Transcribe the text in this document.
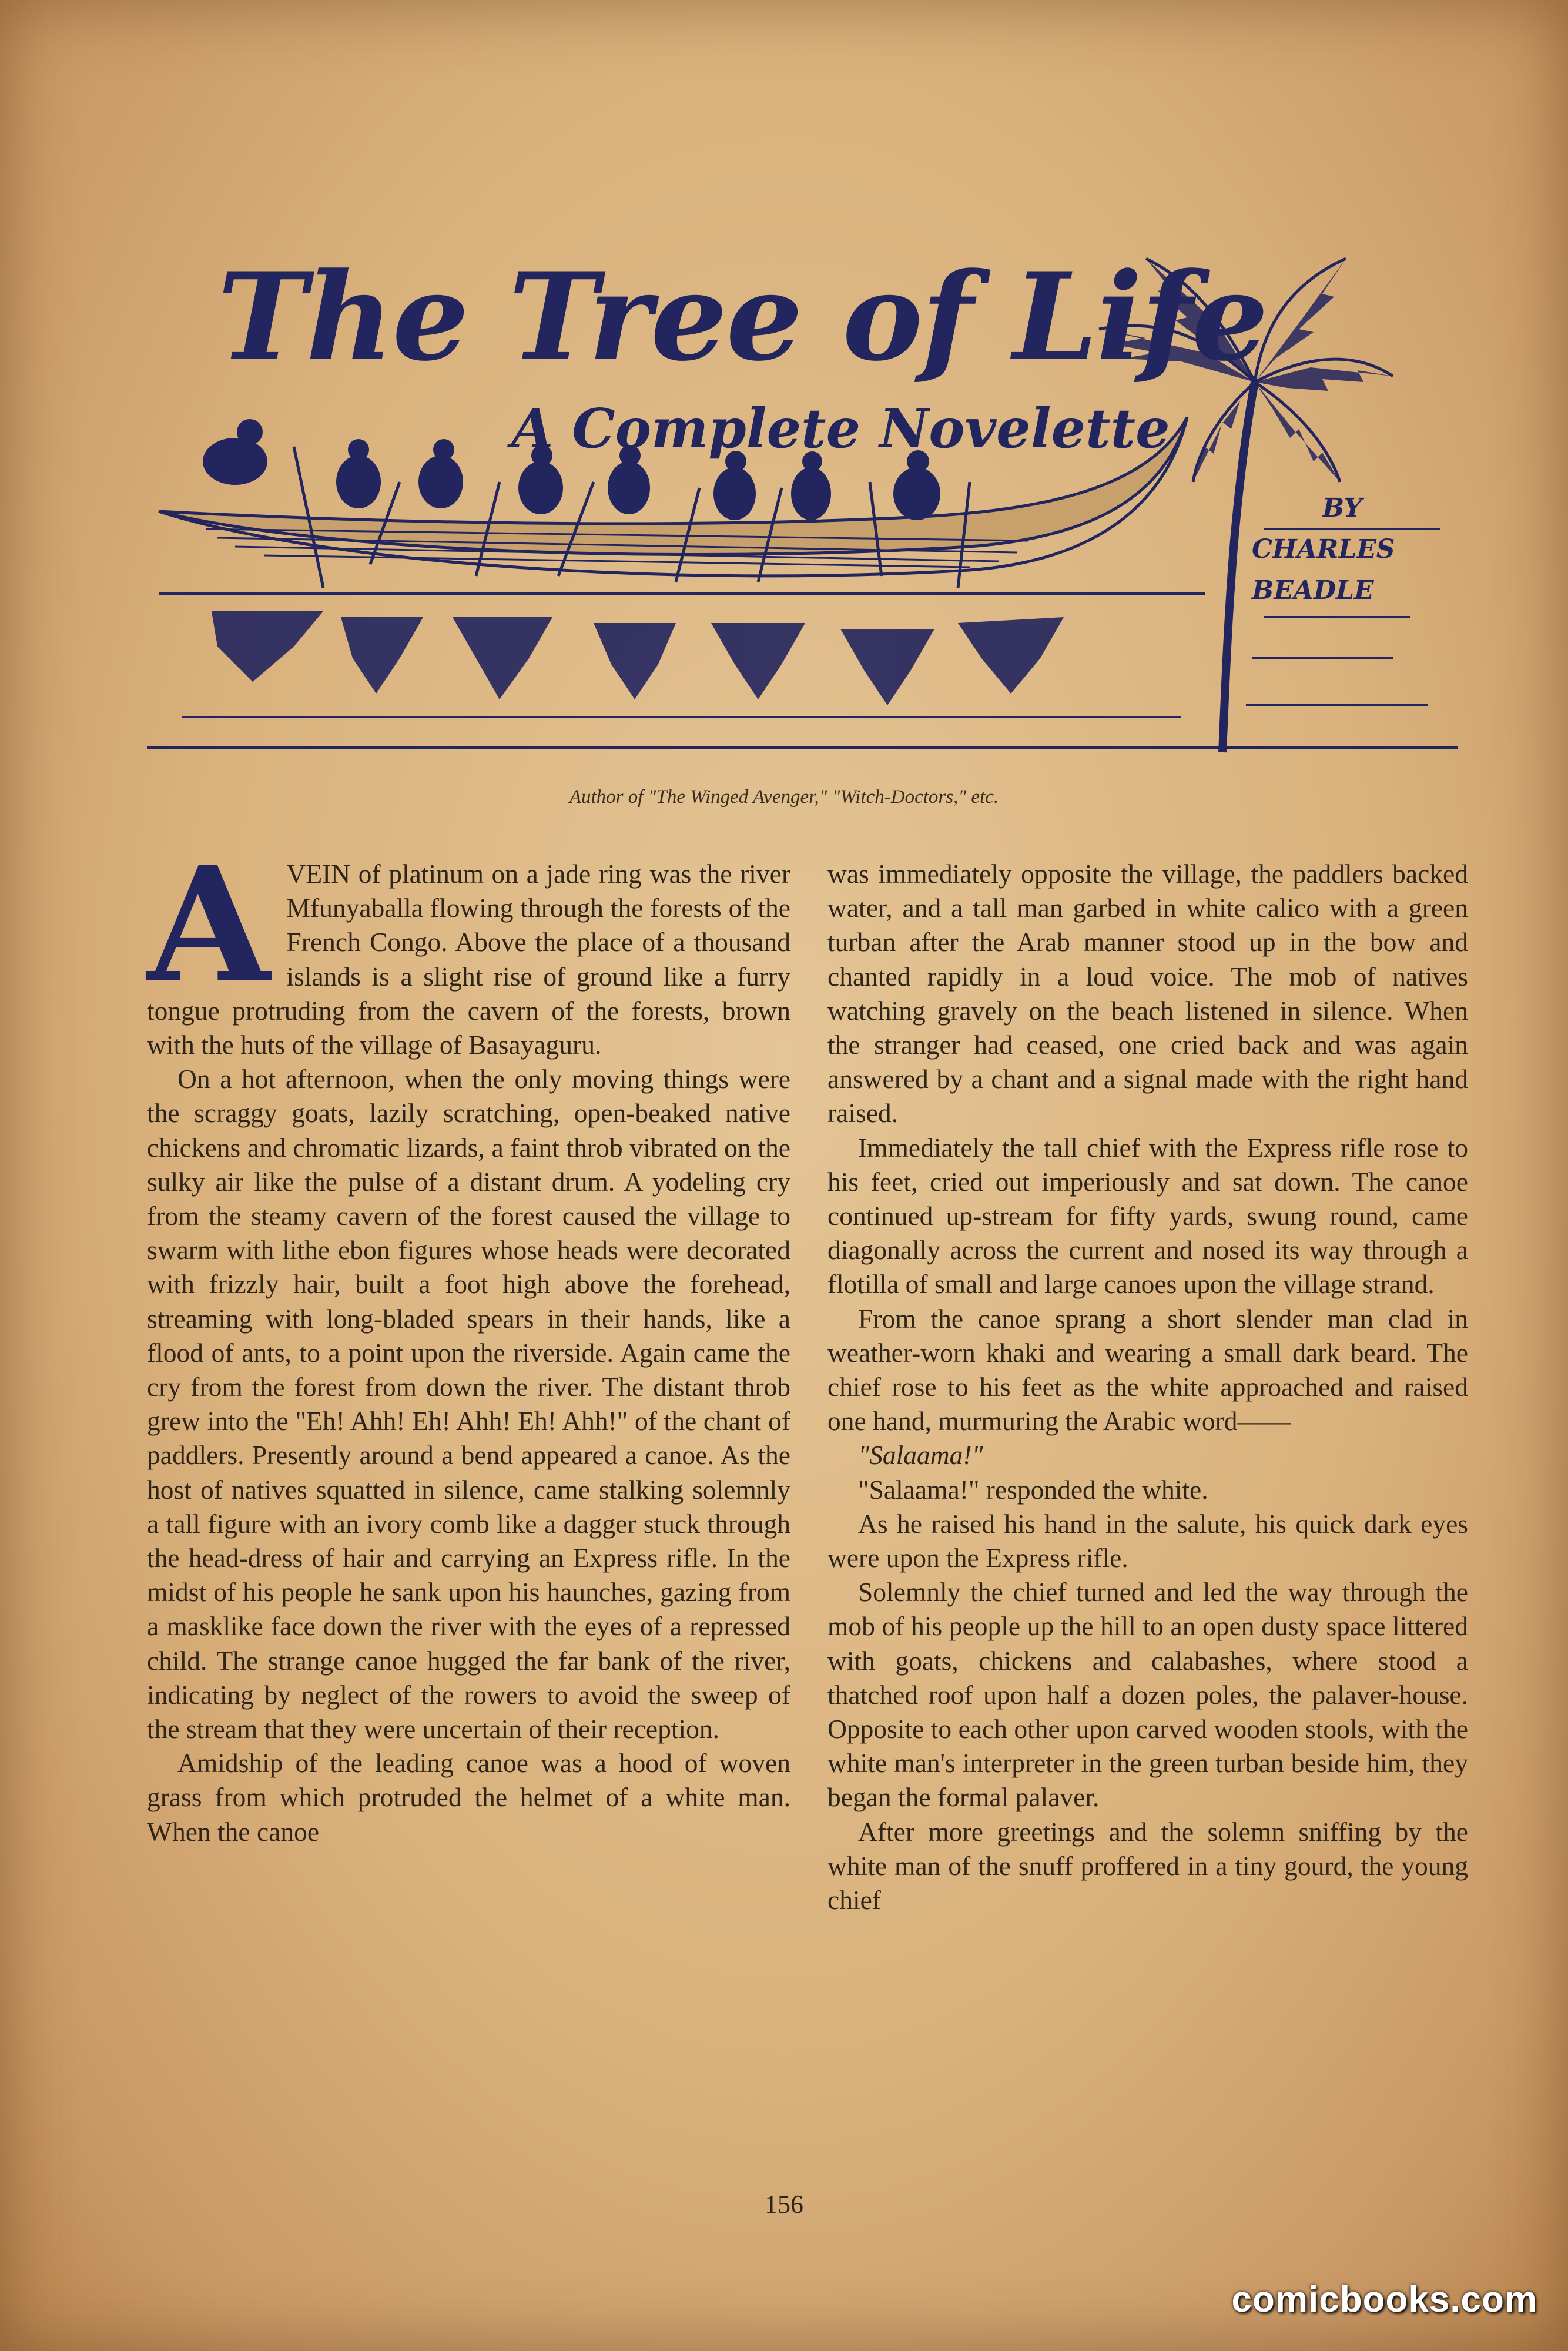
The Tree of Life
A Complete Novelette
BY
CHARLES
BEADLE
Author of "The Winged Avenger," "Witch-Doctors," etc.

AVEIN of platinum on a jade ring was the river Mfunyaballa flowing through the forests of the French Congo. Above the place of a thousand islands is a slight rise of ground like a furry tongue protruding from the cavern of the forests, brown with the huts of the village of Basayaguru.

On a hot afternoon, when the only moving things were the scraggy goats, lazily scratching, open-beaked native chickens and chromatic lizards, a faint throb vibrated on the sulky air like the pulse of a distant drum. A yodeling cry from the steamy cavern of the forest caused the village to swarm with lithe ebon figures whose heads were decorated with frizzly hair, built a foot high above the forehead, streaming with long-bladed spears in their hands, like a flood of ants, to a point upon the riverside. Again came the cry from the forest from down the river. The distant throb grew into the "Eh! Ahh! Eh! Ahh! Eh! Ahh!" of the chant of paddlers. Presently around a bend appeared a canoe. As the host of natives squatted in silence, came stalking solemnly a tall figure with an ivory comb like a dagger stuck through the head-dress of hair and carrying an Express rifle. In the midst of his people he sank upon his haunches, gazing from a masklike face down the river with the eyes of a repressed child. The strange canoe hugged the far bank of the river, indicating by neglect of the rowers to avoid the sweep of the stream that they were uncertain of their reception.

Amidship of the leading canoe was a hood of woven grass from which protruded the helmet of a white man. When the canoe

was immediately opposite the village, the paddlers backed water, and a tall man garbed in white calico with a green turban after the Arab manner stood up in the bow and chanted rapidly in a loud voice. The mob of natives watching gravely on the beach listened in silence. When the stranger had ceased, one cried back and was again answered by a chant and a signal made with the right hand raised.

Immediately the tall chief with the Express rifle rose to his feet, cried out imperiously and sat down. The canoe continued up-stream for fifty yards, swung round, came diagonally across the current and nosed its way through a flotilla of small and large canoes upon the village strand.

From the canoe sprang a short slender man clad in weather-worn khaki and wearing a small dark beard. The chief rose to his feet as the white approached and raised one hand, murmuring the Arabic word——

"Salaama!"

"Salaama!" responded the white.

As he raised his hand in the salute, his quick dark eyes were upon the Express rifle.

Solemnly the chief turned and led the way through the mob of his people up the hill to an open dusty space littered with goats, chickens and calabashes, where stood a thatched roof upon half a dozen poles, the palaver-house. Opposite to each other upon carved wooden stools, with the white man's interpreter in the green turban beside him, they began the formal palaver.

After more greetings and the solemn sniffing by the white man of the snuff proffered in a tiny gourd, the young chief

156
comicbooks.com
